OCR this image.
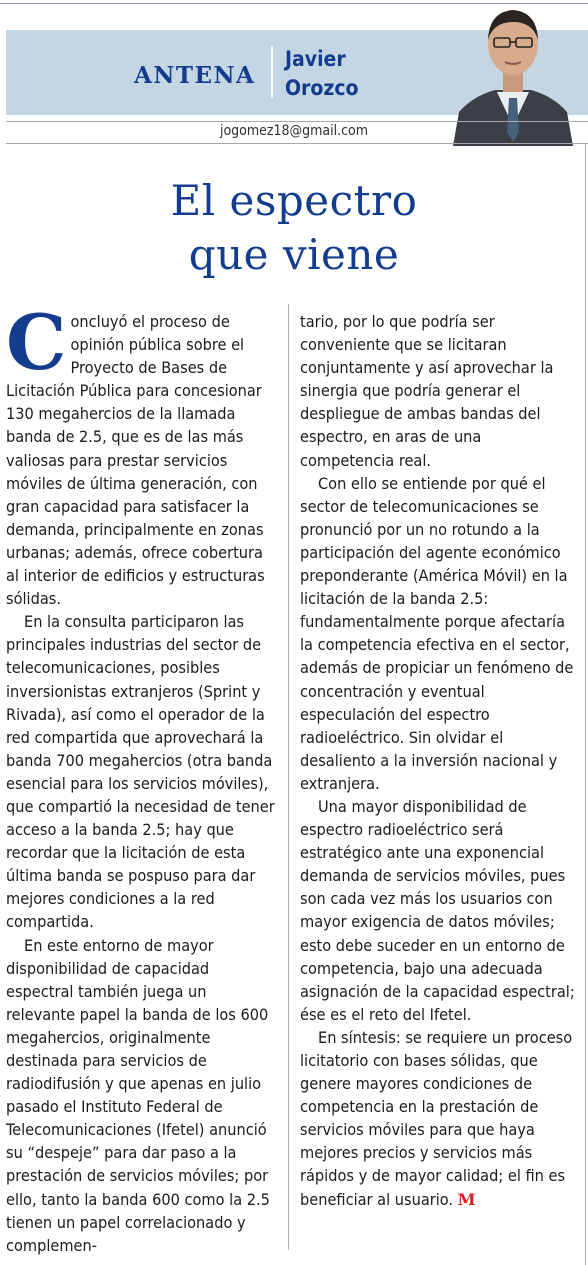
ANTENA
Javier
Orozco
jogomez18@gmail.com
El espectro
que viene

Concluyó el proceso de opinión pública sobre el Proyecto de Bases de Licitación Pública para concesionar 130 megahercios de la llamada banda de 2.5, que es de las más valiosas para prestar servicios móviles de última generación, con gran capacidad para satisfacer la demanda, principalmente en zonas urbanas; además, ofrece cobertura al interior de edificios y estructuras sólidas.

En la consulta participaron las principales industrias del sector de telecomunicaciones, posibles inversionistas extranjeros (Sprint y Rivada), así como el operador de la red compartida que aprovechará la banda 700 megahercios (otra banda esencial para los servicios móviles), que compartió la necesidad de tener acceso a la banda 2.5; hay que recordar que la licitación de esta última banda se pospuso para dar mejores condiciones a la red compartida.

En este entorno de mayor disponibilidad de capacidad espectral también juega un relevante papel la banda de los 600 megahercios, originalmente destinada para servicios de radiodifusión y que apenas en julio pasado el Instituto Federal de Telecomunicaciones (Ifetel) anunció su “despeje” para dar paso a la prestación de servicios móviles; por ello, tanto la banda 600 como la 2.5 tienen un papel correlacionado y complemen-

tario, por lo que podría ser conveniente que se licitaran conjuntamente y así aprovechar la sinergia que podría generar el despliegue de ambas bandas del espectro, en aras de una competencia real.

Con ello se entiende por qué el sector de telecomunicaciones se pronunció por un no rotundo a la participación del agente económico preponderante (América Móvil) en la licitación de la banda 2.5: fundamentalmente porque afectaría la competencia efectiva en el sector, además de propiciar un fenómeno de concentración y eventual especulación del espectro radioeléctrico. Sin olvidar el desaliento a la inversión nacional y extranjera.

Una mayor disponibilidad de espectro radioeléctrico será estratégico ante una exponencial demanda de servicios móviles, pues son cada vez más los usuarios con mayor exigencia de datos móviles; esto debe suceder en un entorno de competencia, bajo una adecuada asignación de la capacidad espectral; ése es el reto del Ifetel.

En síntesis: se requiere un proceso licitatorio con bases sólidas, que genere mayores condiciones de competencia en la prestación de servicios móviles para que haya mejores precios y servicios más rápidos y de mayor calidad; el fin es beneficiar al usuario. M
